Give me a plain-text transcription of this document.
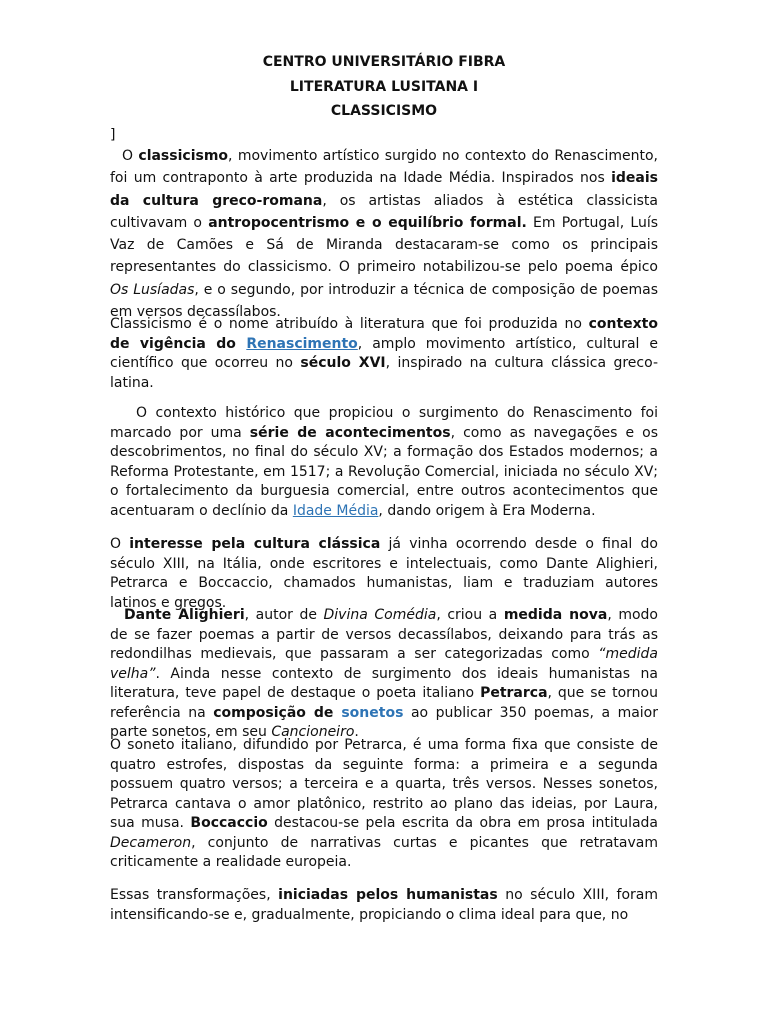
CENTRO UNIVERSITÁRIO FIBRA
LITERATURA LUSITANA I
CLASSICISMO
]

O classicismo, movimento artístico surgido no contexto do Renascimento, foi um contraponto à arte produzida na Idade Média. Inspirados nos ideais da cultura greco-romana, os artistas aliados à estética classicista cultivavam o antropocentrismo e o equilíbrio formal. Em Portugal, Luís Vaz de Camões e Sá de Miranda destacaram-se como os principais representantes do classicismo. O primeiro notabilizou-se pelo poema épico Os Lusíadas, e o segundo, por introduzir a técnica de composição de poemas em versos decassílabos.

Classicismo é o nome atribuído à literatura que foi produzida no contexto de vigência do Renascimento, amplo movimento artístico, cultural e científico que ocorreu no século XVI, inspirado na cultura clássica greco-latina.

O contexto histórico que propiciou o surgimento do Renascimento foi marcado por uma série de acontecimentos, como as navegações e os descobrimentos, no final do século XV; a formação dos Estados modernos; a Reforma Protestante, em 1517; a Revolução Comercial, iniciada no século XV; o fortalecimento da burguesia comercial, entre outros acontecimentos que acentuaram o declínio da Idade Média, dando origem à Era Moderna.

O interesse pela cultura clássica já vinha ocorrendo desde o final do século XIII, na Itália, onde escritores e intelectuais, como Dante Alighieri, Petrarca e Boccaccio, chamados humanistas, liam e traduziam autores latinos e gregos.

Dante Alighieri, autor de Divina Comédia, criou a medida nova, modo de se fazer poemas a partir de versos decassílabos, deixando para trás as redondilhas medievais, que passaram a ser categorizadas como “medida velha”. Ainda nesse contexto de surgimento dos ideais humanistas na literatura, teve papel de destaque o poeta italiano Petrarca, que se tornou referência na composição de sonetos ao publicar 350 poemas, a maior parte sonetos, em seu Cancioneiro.

O soneto italiano, difundido por Petrarca, é uma forma fixa que consiste de quatro estrofes, dispostas da seguinte forma: a primeira e a segunda possuem quatro versos; a terceira e a quarta, três versos. Nesses sonetos, Petrarca cantava o amor platônico, restrito ao plano das ideias, por Laura, sua musa. Boccaccio destacou-se pela escrita da obra em prosa intitulada Decameron, conjunto de narrativas curtas e picantes que retratavam criticamente a realidade europeia.

Essas transformações, iniciadas pelos humanistas no século XIII, foram intensificando-se e, gradualmente, propiciando o clima ideal para que, no
